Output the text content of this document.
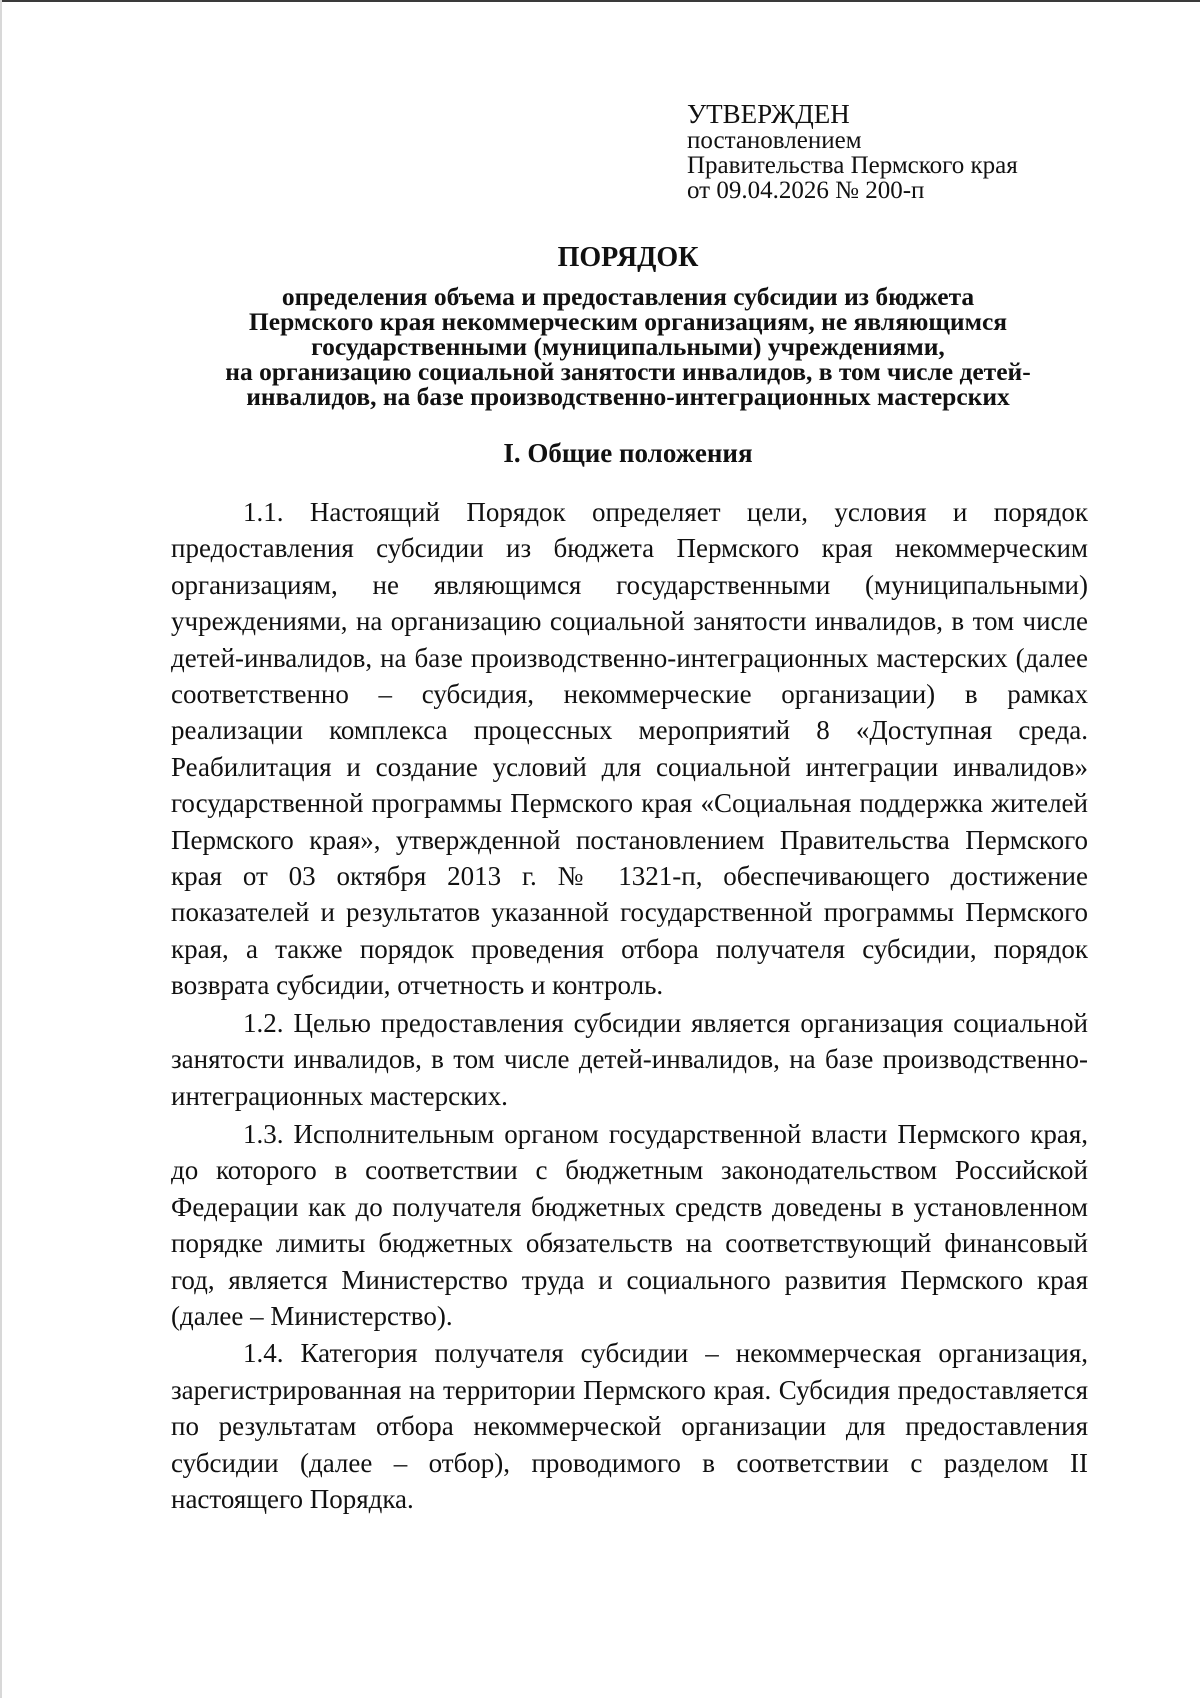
УТВЕРЖДЕН
постановлением
Правительства Пермского края
от 09.04.2026 № 200-п
ПОРЯДОК
определения объема и предоставления субсидии из бюджета
Пермского края некоммерческим организациям, не являющимся
государственными (муниципальными) учреждениями,
на организацию социальной занятости инвалидов, в том числе детей-
инвалидов, на базе производственно-интеграционных мастерских
I. Общие положения

1.1. Настоящий Порядок определяет цели, условия и порядок предоставления субсидии из бюджета Пермского края некоммерческим организациям, не являющимся государственными (муниципальными) учреждениями, на организацию социальной занятости инвалидов, в том числе детей-инвалидов, на базе производственно-интеграционных мастерских (далее соответственно – субсидия, некоммерческие организации) в рамках реализации комплекса процессных мероприятий 8 «Доступная среда. Реабилитация и создание условий для социальной интеграции инвалидов» государственной программы Пермского края «Социальная поддержка жителей Пермского края», утвержденной постановлением Правительства Пермского края от 03 октября 2013 г. № 1321-п, обеспечивающего достижение показателей и результатов указанной государственной программы Пермского края, а также порядок проведения отбора получателя субсидии, порядок возврата субсидии, отчетность и контроль.

1.2. Целью предоставления субсидии является организация социальной занятости инвалидов, в том числе детей-инвалидов, на базе производственно-интеграционных мастерских.

1.3. Исполнительным органом государственной власти Пермского края, до которого в соответствии с бюджетным законодательством Российской Федерации как до получателя бюджетных средств доведены в установленном порядке лимиты бюджетных обязательств на соответствующий финансовый год, является Министерство труда и социального развития Пермского края (далее – Министерство).

1.4. Категория получателя субсидии – некоммерческая организация, зарегистрированная на территории Пермского края. Субсидия предоставляется по результатам отбора некоммерческой организации для предоставления субсидии (далее – отбор), проводимого в соответствии с разделом II настоящего Порядка.
